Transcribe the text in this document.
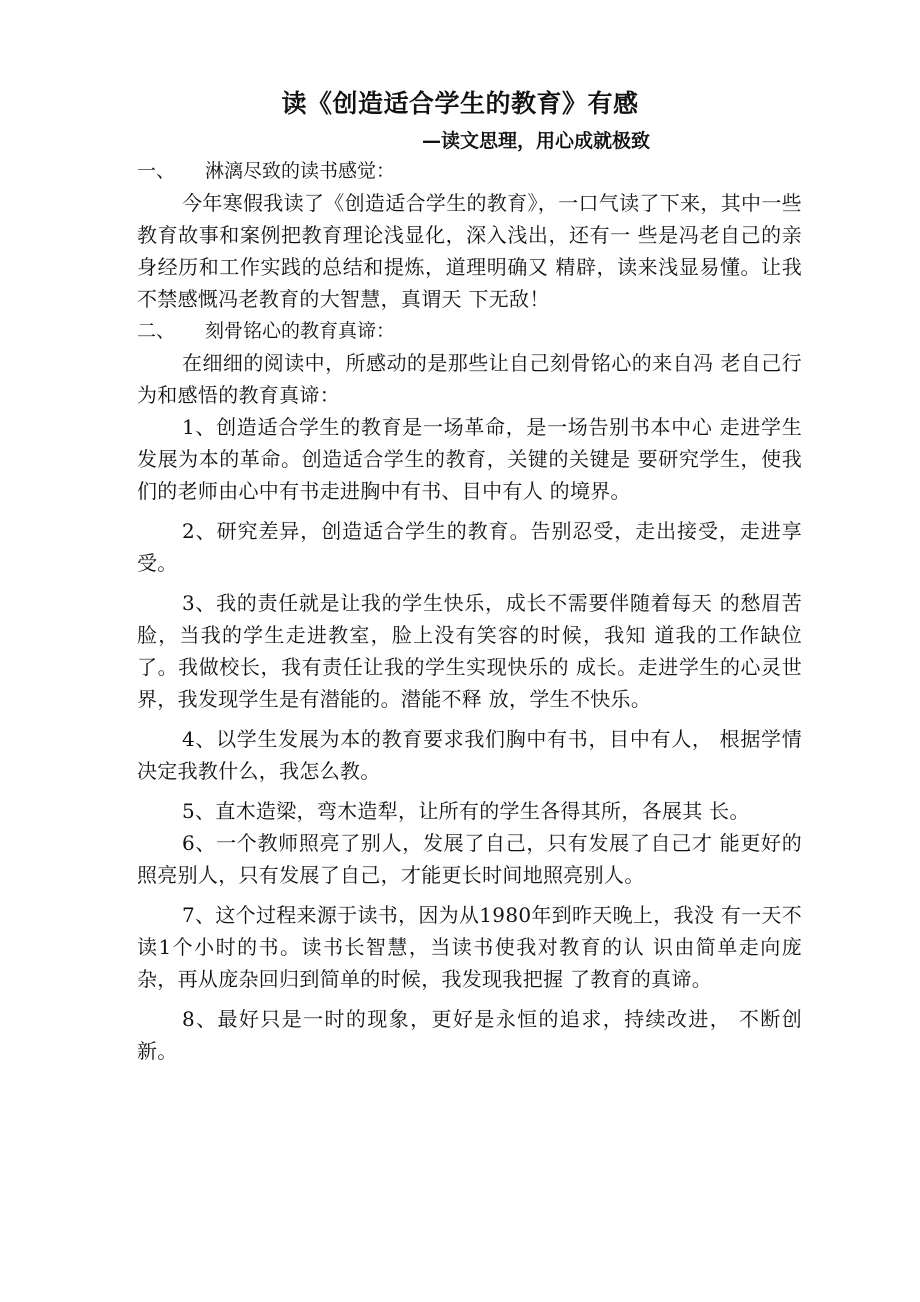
读《创造适合学生的教育》有感
—读文思理，用心成就极致

一、 淋漓尽致的读书感觉：

今年寒假我读了《创造适合学生的教育》，一口气读了下来，其中一些教育故事和案例把教育理论浅显化，深入浅出，还有一 些是冯老自己的亲身经历和工作实践的总结和提炼，道理明确又 精辟，读来浅显易懂。让我不禁感慨冯老教育的大智慧，真谓天 下无敌！

二、 刻骨铭心的教育真谛：

在细细的阅读中，所感动的是那些让自己刻骨铭心的来自冯 老自己行为和感悟的教育真谛：

1、创造适合学生的教育是一场革命，是一场告别书本中心 走进学生发展为本的革命。创造适合学生的教育，关键的关键是 要研究学生，使我们的老师由心中有书走进胸中有书、目中有人 的境界。

2、研究差异，创造适合学生的教育。告别忍受，走出接受，走进享受。

3、我的责任就是让我的学生快乐，成长不需要伴随着每天 的愁眉苦脸，当我的学生走进教室，脸上没有笑容的时候，我知 道我的工作缺位了。我做校长，我有责任让我的学生实现快乐的 成长。走进学生的心灵世界，我发现学生是有潜能的。潜能不释 放，学生不快乐。

4、以学生发展为本的教育要求我们胸中有书，目中有人， 根据学情决定我教什么，我怎么教。

5、直木造梁，弯木造犁，让所有的学生各得其所，各展其 长。

6、一个教师照亮了别人，发展了自己，只有发展了自己才 能更好的照亮别人，只有发展了自己，才能更长时间地照亮别人。

7、这个过程来源于读书，因为从1980年到昨天晚上，我没 有一天不读1个小时的书。读书长智慧，当读书使我对教育的认 识由简单走向庞杂，再从庞杂回归到简单的时候，我发现我把握 了教育的真谛。

8、最好只是一时的现象，更好是永恒的追求，持续改进， 不断创新。
